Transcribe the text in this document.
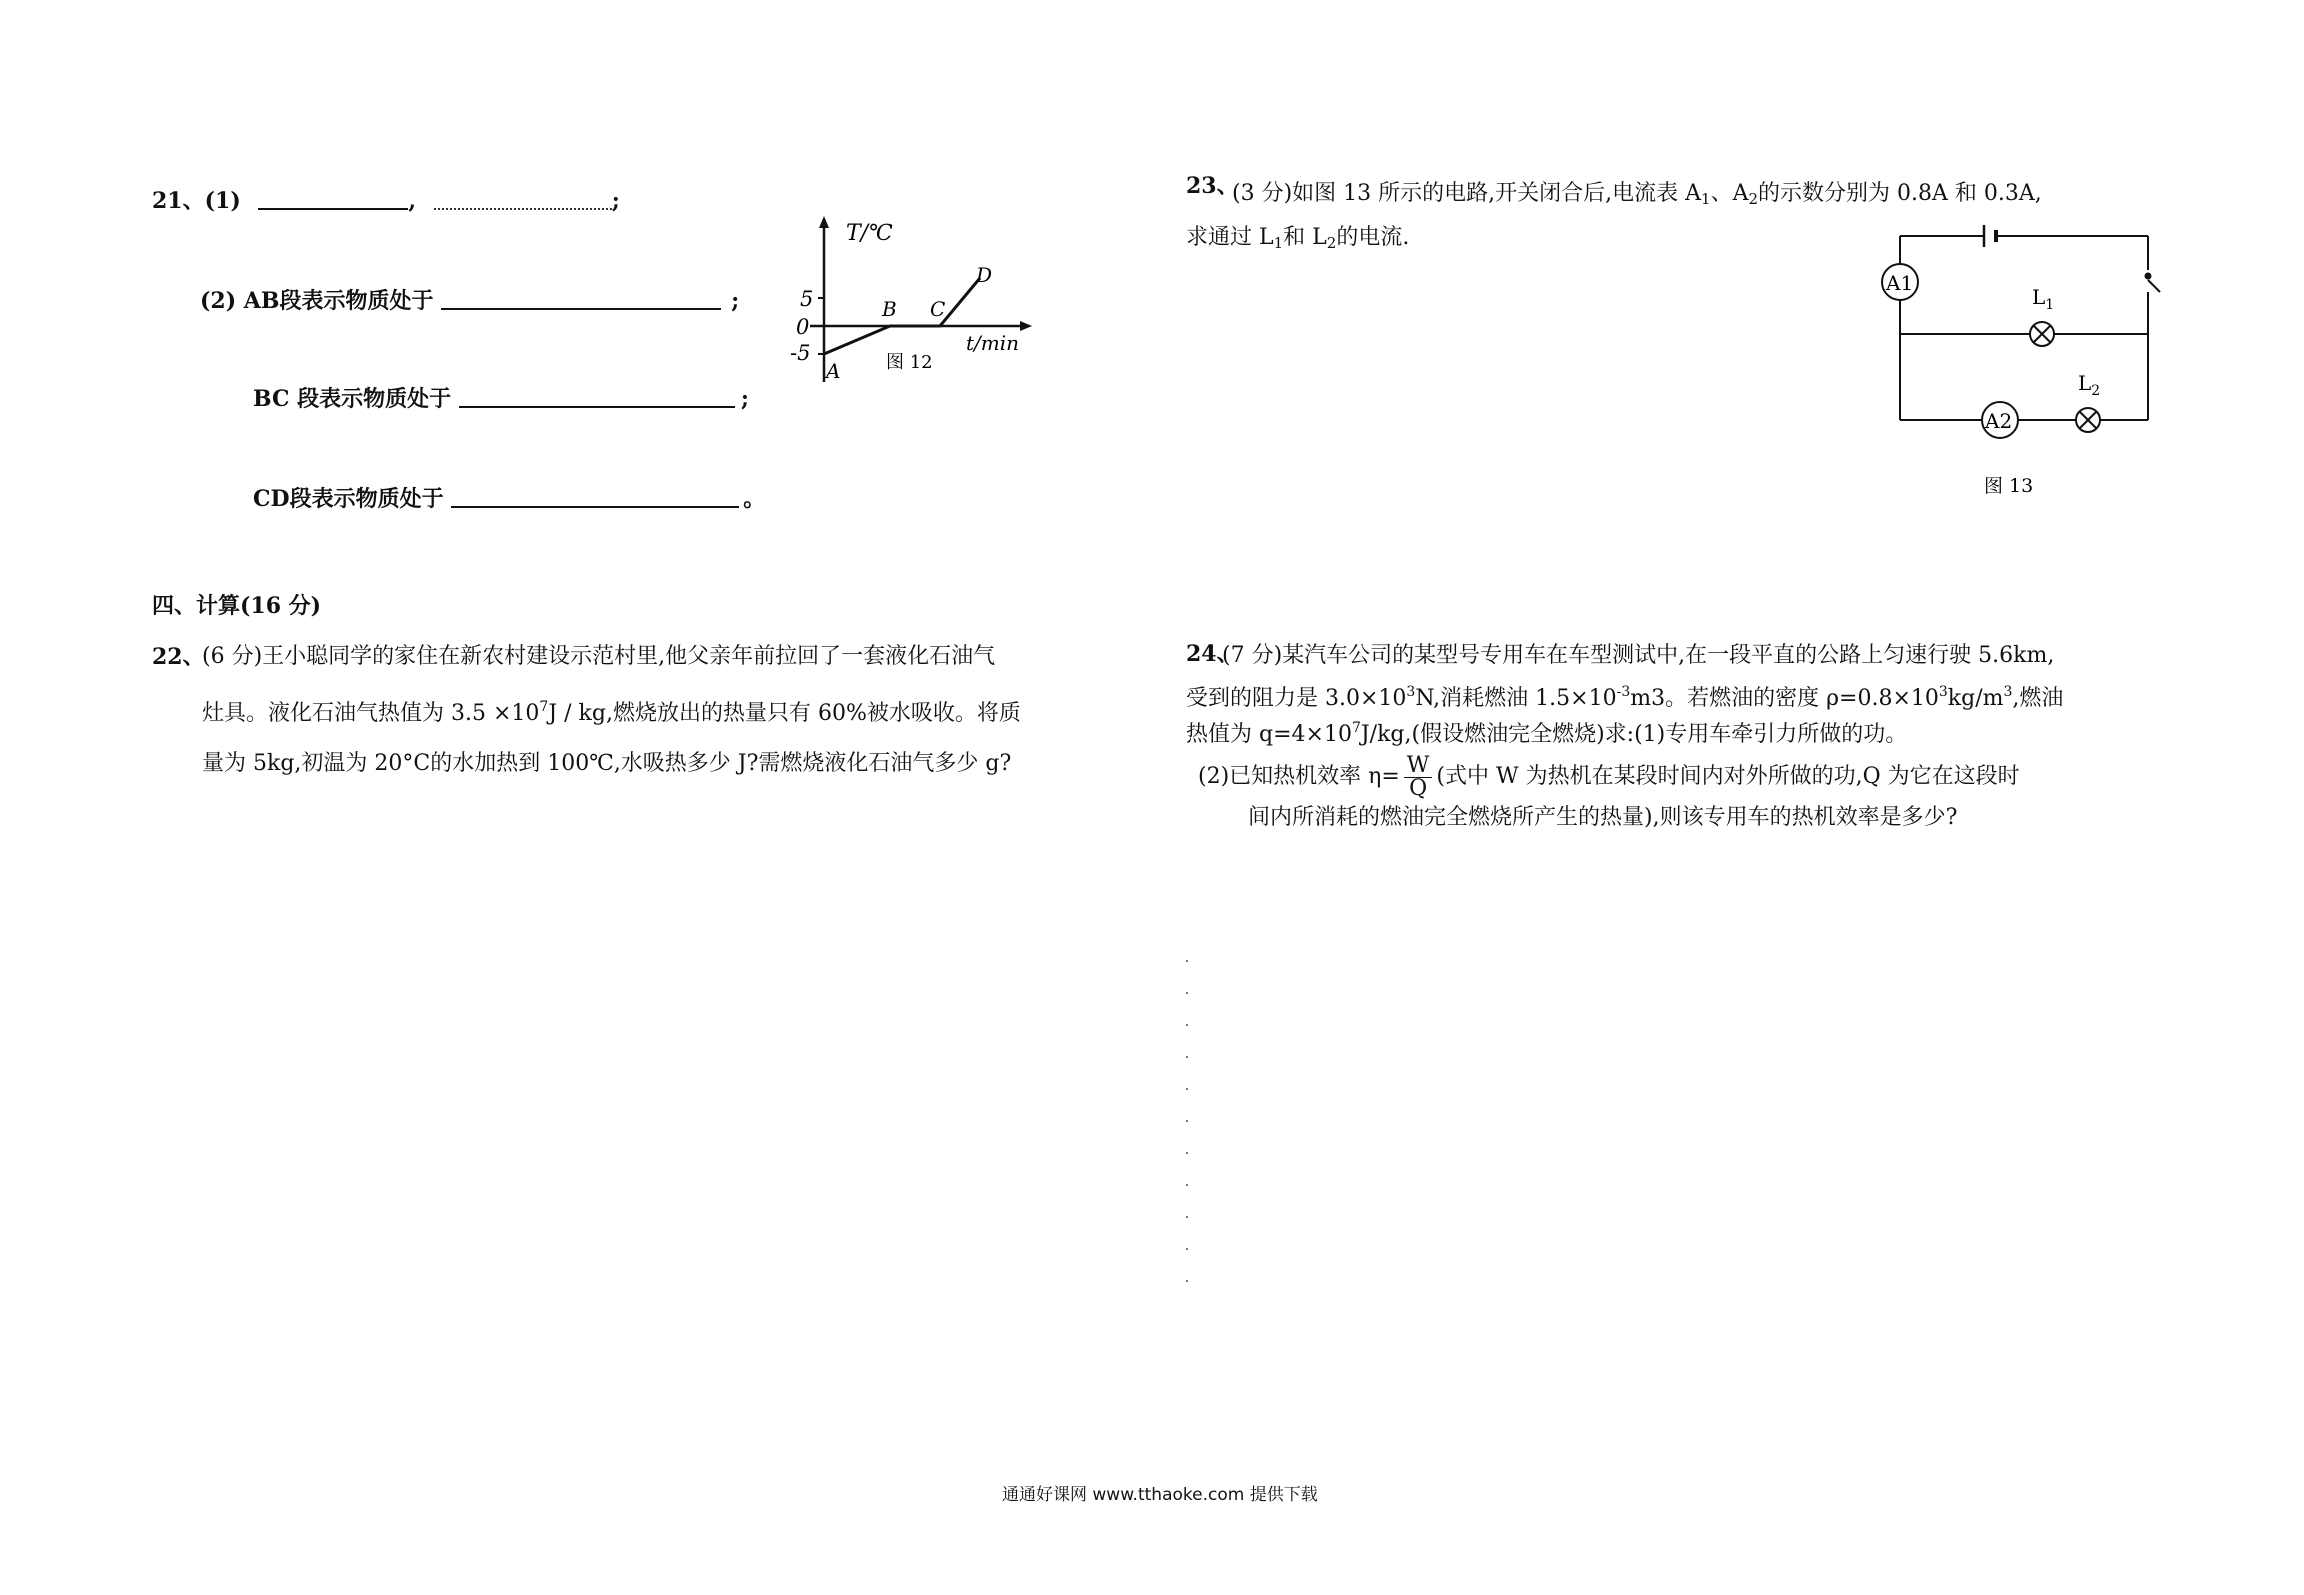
21、(1)	,	;
(2) AB段表示物质处于	;
BC 段表示物质处于	;
CD段表示物质处于	。
T/℃
5
0
-5
A
B C
D
t/min
图 12
四、计算(16 分)
22、
(6 分)王小聪同学的家住在新农村建设示范村里,他父亲年前拉回了一套液化石油气
灶具。液化石油气热值为 $3.5 \times 10^7J$ / kg,燃烧放出的热量只有 60%被水吸收。将质
量为 5kg,初温为 20°C的水加热到 100℃,水吸热多少 J?需燃烧液化石油气多少 g?
23、
(3 分)如图 13 所示的电路,开关闭合后,电流表 $A_1$、$A_2$的示数分别为 0.8A 和 0.3A,
求通过 $L_1$和 $L_2$的电流.
A1
A2
$L_1$
$L_2$
图 13
24、
(7 分)某汽车公司的某型号专用车在车型测试中,在一段平直的公路上匀速行驶 5.6km,
受到的阻力是 $3.0\times 10^3N$,消耗燃油 $1.5\times 10^{-3}m3$。若燃油的密度 $\rho=0.8\times 10^3kg/m^3$,燃油
热值为 $q=4\times 10^7J/kg$,(假设燃油完全燃烧)求:(1)专用车牵引力所做的功。
(2)已知热机效率 $\eta= \frac{W}{Q}$ (式中 W 为热机在某段时间内对外所做的功,Q 为它在这段时
间内所消耗的燃油完全燃烧所产生的热量),则该专用车的热机效率是多少?
通通好课网 www.tthaoke.com 提供下载
